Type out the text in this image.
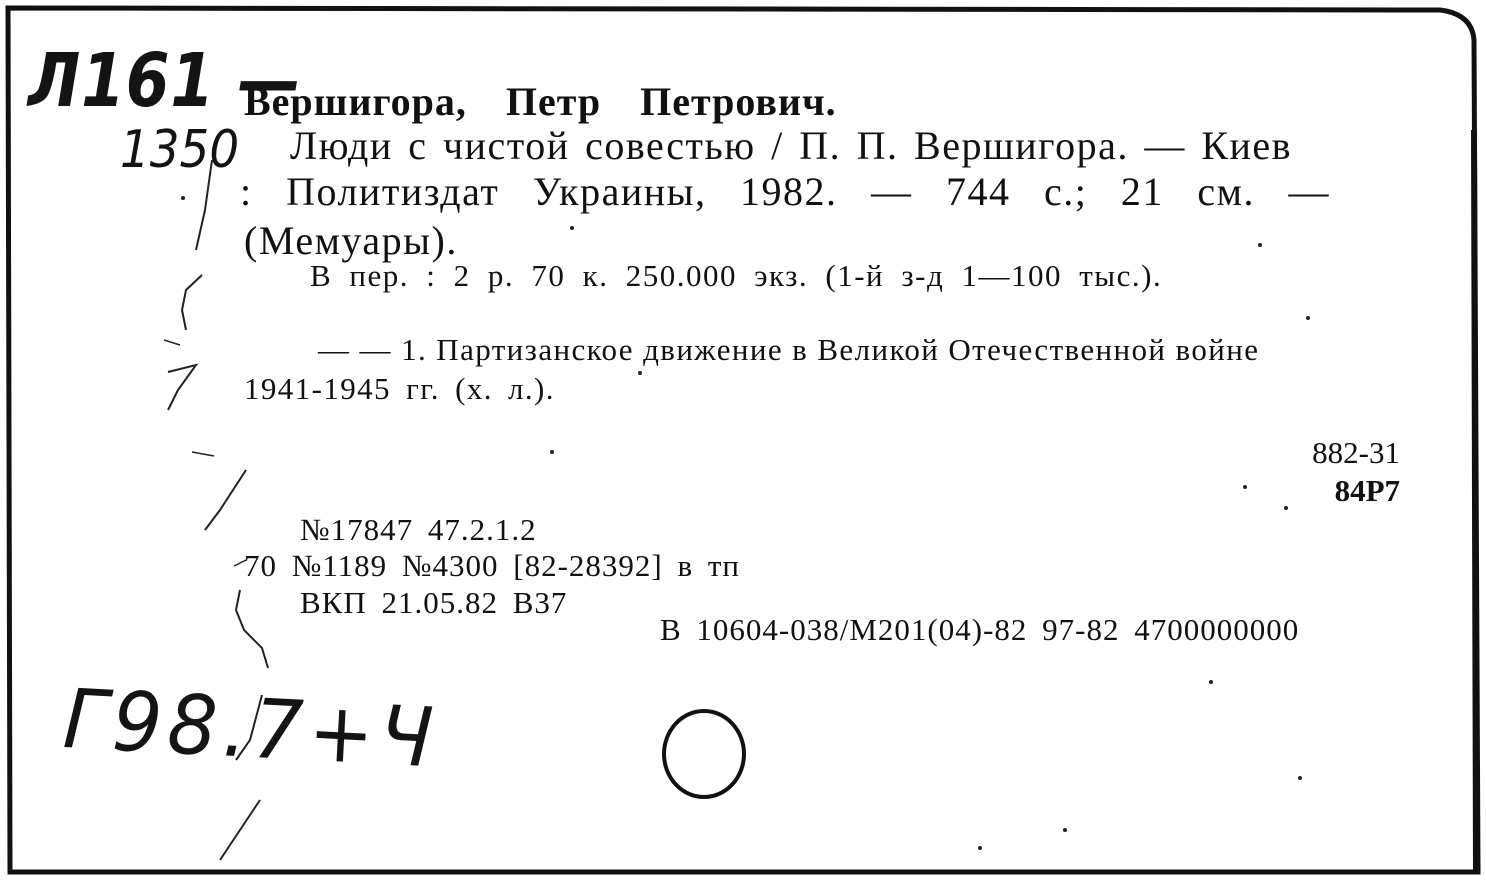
Вершигора, Петр Петрович.
Люди с чистой совестью / П. П. Вершигора. — Киев
: Политиздат Украины, 1982. — 744 с.; 21 см. —
(Мемуары).
В пер. : 2 р. 70 к. 250.000 экз. (1-й з-д 1—100 тыс.).
— — 1. Партизанское движение в Великой Отечественной войне
1941-1945 гг. (х. л.).
882-31
84Р7
№17847 47.2.1.2
70 №1189 №4300 [82-28392] в тп
ВКП 21.05.82 В37
В 10604-038/М201(04)-82 97-82 4700000000
Л161 —
1350
Г98.7+Ч
